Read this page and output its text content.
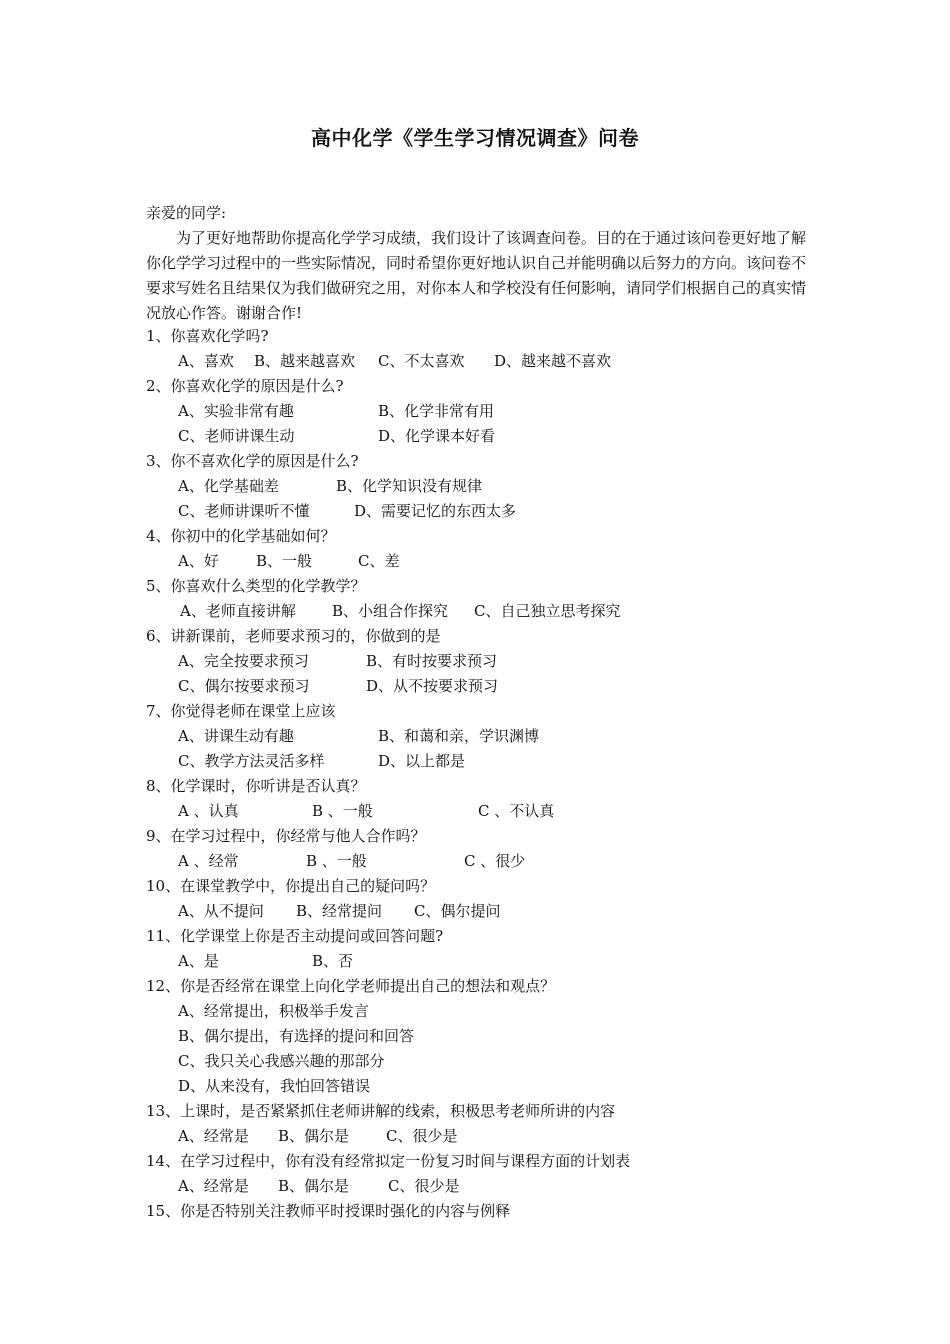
高中化学《学生学习情况调查》问卷
亲爱的同学:
为了更好地帮助你提高化学学习成绩，我们设计了该调查问卷。目的在于通过该问卷更好地了解你化学学习过程中的一些实际情况，同时希望你更好地认识自己并能明确以后努力的方向。该问卷不要求写姓名且结果仅为我们做研究之用，对你本人和学校没有任何影响，请同学们根据自己的真实情况放心作答。谢谢合作!
1、你喜欢化学吗?
A、喜欢 B、越来越喜欢 C、不太喜欢 D、越来越不喜欢
2、你喜欢化学的原因是什么?
A、实验非常有趣	B、化学非常有用
C、老师讲课生动	D、化学课本好看
3、你不喜欢化学的原因是什么?
A、化学基础差	B、化学知识没有规律
C、老师讲课听不懂	D、需要记忆的东西太多
4、你初中的化学基础如何？
A、好 B、一般	C、差
5、你喜欢什么类型的化学教学？
A、老师直接讲解 B、小组合作探究 C、自己独立思考探究
6、讲新课前，老师要求预习的，你做到的是
A、完全按要求预习	B、有时按要求预习
C、偶尔按要求预习	D、从不按要求预习
7、你觉得老师在课堂上应该
A、讲课生动有趣	B、和蔼和亲，学识渊博
C、教学方法灵活多样	D、以上都是
8、化学课时，你听讲是否认真？
A 、认真	B 、一般	C 、不认真
9、在学习过程中，你经常与他人合作吗？
A 、经常	B 、一般	C 、很少
10、在课堂教学中，你提出自己的疑问吗？
A、从不提问 B、经常提问 C、偶尔提问
11、化学课堂上你是否主动提问或回答问题?
A、是	B、否
12、你是否经常在课堂上向化学老师提出自己的想法和观点？
A、经常提出，积极举手发言
B、偶尔提出，有选择的提问和回答
C、我只关心我感兴趣的那部分
D、从来没有，我怕回答错误
13、上课时，是否紧紧抓住老师讲解的线索，积极思考老师所讲的内容
A、经常是 B、偶尔是 C、很少是
14、在学习过程中，你有没有经常拟定一份复习时间与课程方面的计划表
A、经常是 B、偶尔是	C、很少是
15、你是否特别关注教师平时授课时强化的内容与例释
